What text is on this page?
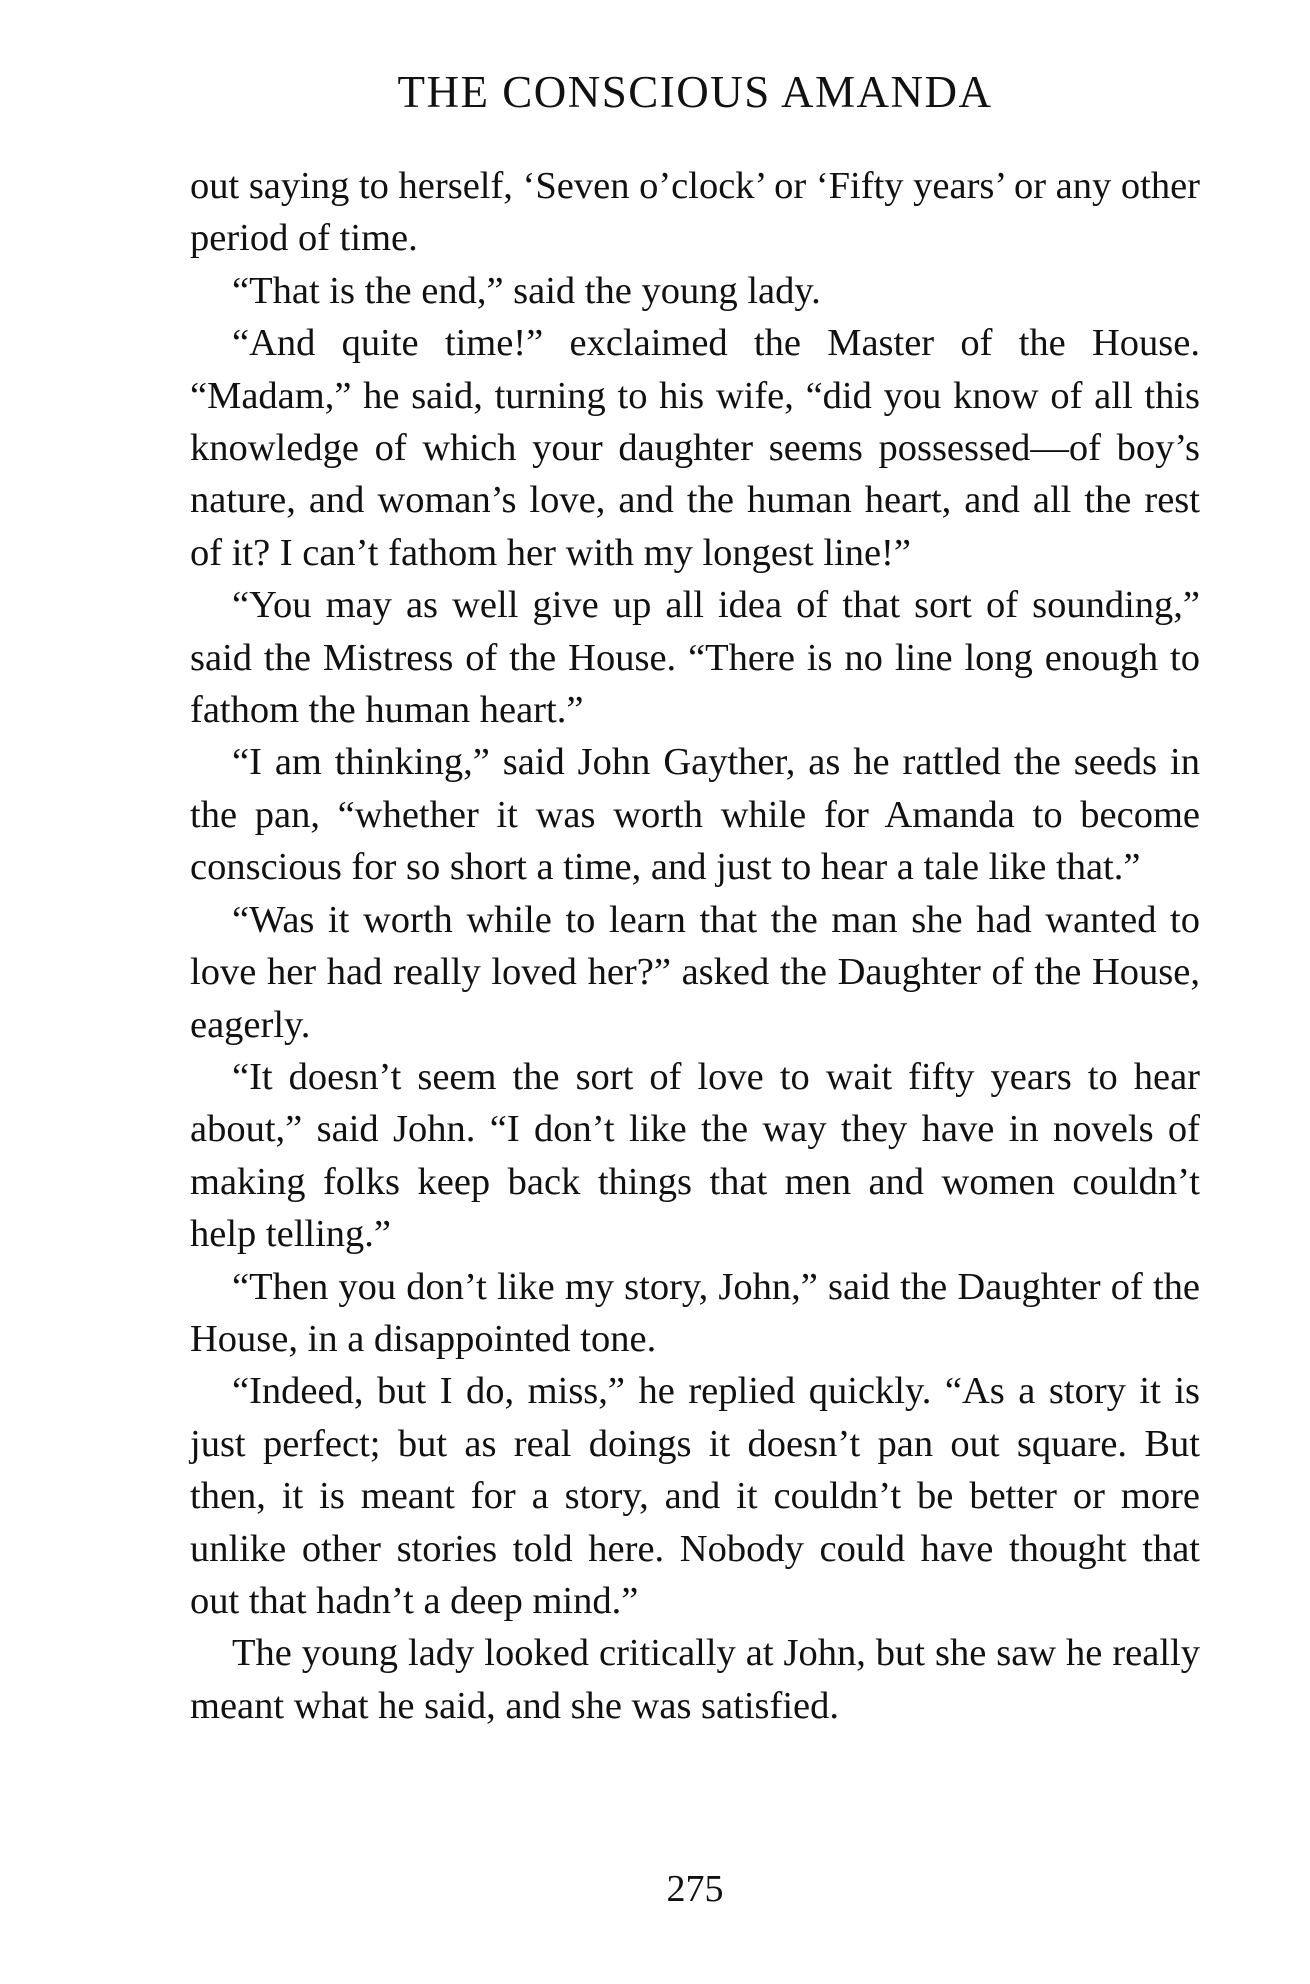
THE CONSCIOUS AMANDA

out saying to herself, ‘Seven o’clock’ or ‘Fifty years’ or any other period of time.

“That is the end,” said the young lady.

“And quite time!” exclaimed the Master of the House. “Madam,” he said, turning to his wife, “did you know of all this knowledge of which your daughter seems possessed—of boy’s nature, and woman’s love, and the human heart, and all the rest of it? I can’t fathom her with my longest line!”

“You may as well give up all idea of that sort of sounding,” said the Mistress of the House. “There is no line long enough to fathom the human heart.”

“I am thinking,” said John Gayther, as he rattled the seeds in the pan, “whether it was worth while for Amanda to become conscious for so short a time, and just to hear a tale like that.”

“Was it worth while to learn that the man she had wanted to love her had really loved her?” asked the Daughter of the House, eagerly.

“It doesn’t seem the sort of love to wait fifty years to hear about,” said John. “I don’t like the way they have in novels of making folks keep back things that men and women couldn’t help telling.”

“Then you don’t like my story, John,” said the Daughter of the House, in a disappointed tone.

“Indeed, but I do, miss,” he replied quickly. “As a story it is just perfect; but as real doings it doesn’t pan out square. But then, it is meant for a story, and it couldn’t be better or more unlike other stories told here. Nobody could have thought that out that hadn’t a deep mind.”

The young lady looked critically at John, but she saw he really meant what he said, and she was satisfied.

275
